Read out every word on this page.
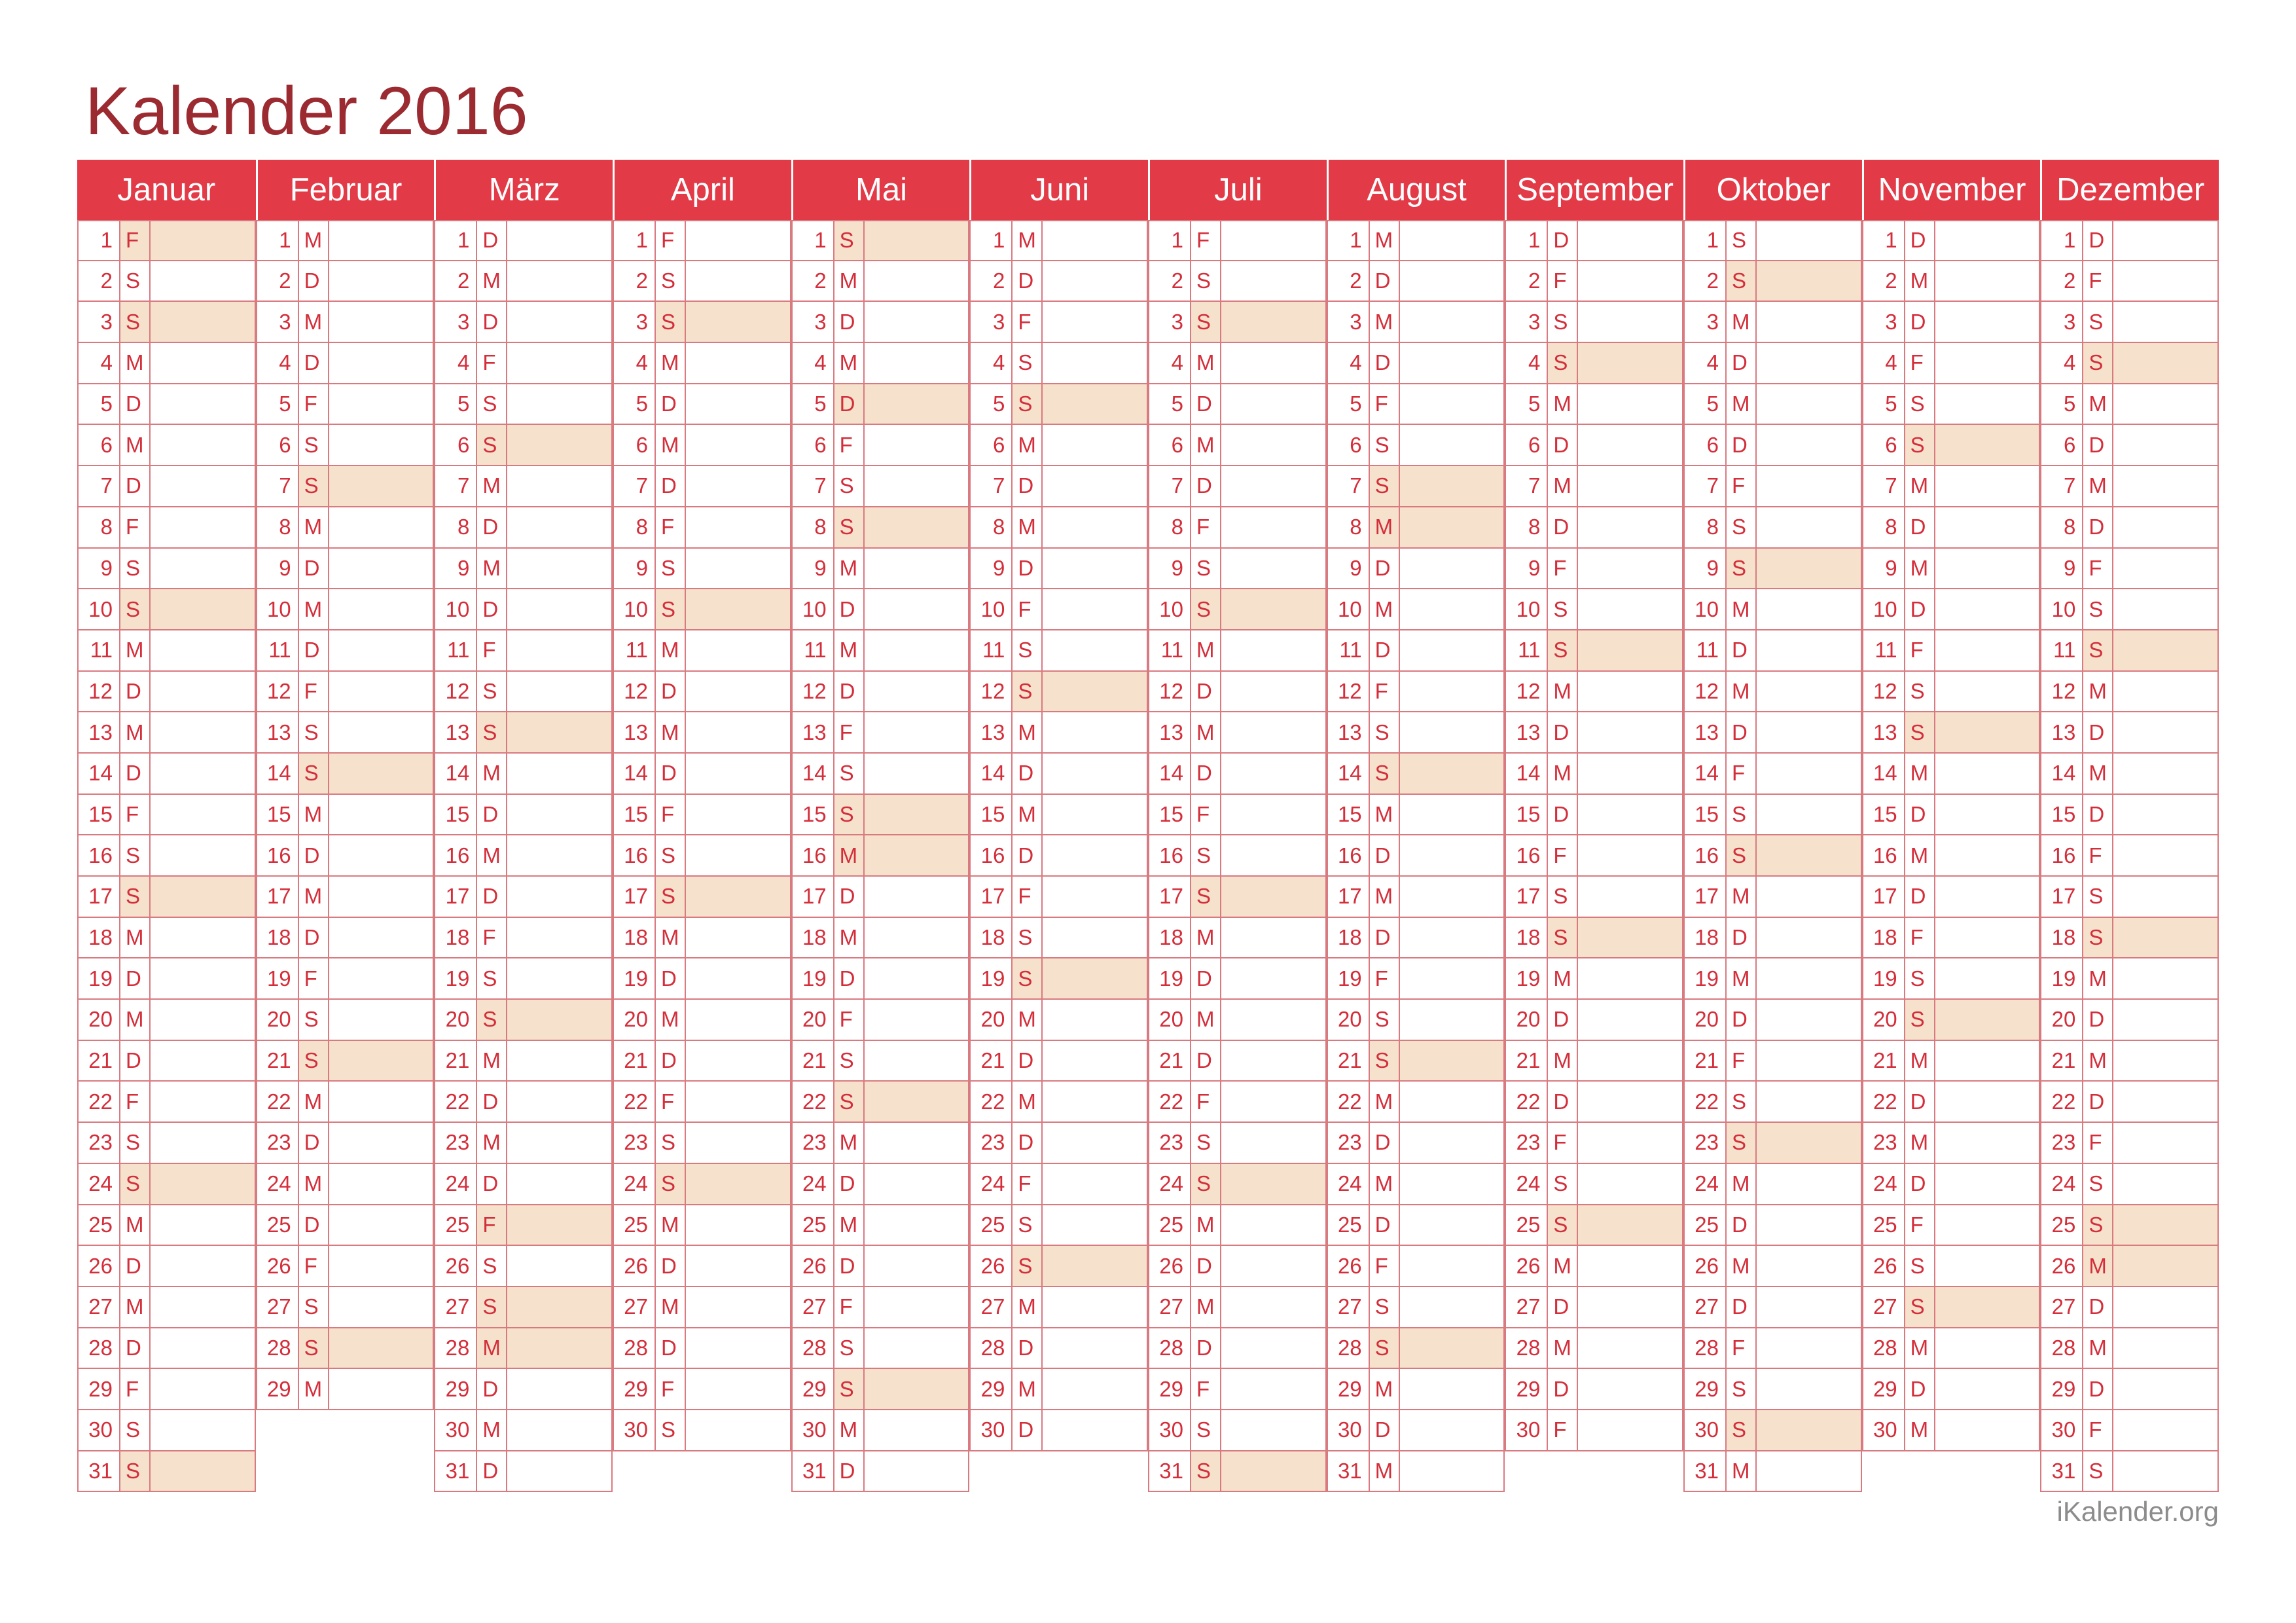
Kalender 2016
Januar
1 F
2 S
3 S
4 M
5 D
6 M
7 D
8 F
9 S
10 S
11 M
12 D
13 M
14 D
15 F
16 S
17 S
18 M
19 D
20 M
21 D
22 F
23 S
24 S
25 M
26 D
27 M
28 D
29 F
30 S
31 S
Februar
1 M
2 D
3 M
4 D
5 F
6 S
7 S
8 M
9 D
10 M
11 D
12 F
13 S
14 S
15 M
16 D
17 M
18 D
19 F
20 S
21 S
22 M
23 D
24 M
25 D
26 F
27 S
28 S
29 M
März
1 D
2 M
3 D
4 F
5 S
6 S
7 M
8 D
9 M
10 D
11 F
12 S
13 S
14 M
15 D
16 M
17 D
18 F
19 S
20 S
21 M
22 D
23 M
24 D
25 F
26 S
27 S
28 M
29 D
30 M
31 D
April
1 F
2 S
3 S
4 M
5 D
6 M
7 D
8 F
9 S
10 S
11 M
12 D
13 M
14 D
15 F
16 S
17 S
18 M
19 D
20 M
21 D
22 F
23 S
24 S
25 M
26 D
27 M
28 D
29 F
30 S
Mai
1 S
2 M
3 D
4 M
5 D
6 F
7 S
8 S
9 M
10 D
11 M
12 D
13 F
14 S
15 S
16 M
17 D
18 M
19 D
20 F
21 S
22 S
23 M
24 D
25 M
26 D
27 F
28 S
29 S
30 M
31 D
Juni
1 M
2 D
3 F
4 S
5 S
6 M
7 D
8 M
9 D
10 F
11 S
12 S
13 M
14 D
15 M
16 D
17 F
18 S
19 S
20 M
21 D
22 M
23 D
24 F
25 S
26 S
27 M
28 D
29 M
30 D
Juli
1 F
2 S
3 S
4 M
5 D
6 M
7 D
8 F
9 S
10 S
11 M
12 D
13 M
14 D
15 F
16 S
17 S
18 M
19 D
20 M
21 D
22 F
23 S
24 S
25 M
26 D
27 M
28 D
29 F
30 S
31 S
August
1 M
2 D
3 M
4 D
5 F
6 S
7 S
8 M
9 D
10 M
11 D
12 F
13 S
14 S
15 M
16 D
17 M
18 D
19 F
20 S
21 S
22 M
23 D
24 M
25 D
26 F
27 S
28 S
29 M
30 D
31 M
September
1 D
2 F
3 S
4 S
5 M
6 D
7 M
8 D
9 F
10 S
11 S
12 M
13 D
14 M
15 D
16 F
17 S
18 S
19 M
20 D
21 M
22 D
23 F
24 S
25 S
26 M
27 D
28 M
29 D
30 F
Oktober
1 S
2 S
3 M
4 D
5 M
6 D
7 F
8 S
9 S
10 M
11 D
12 M
13 D
14 F
15 S
16 S
17 M
18 D
19 M
20 D
21 F
22 S
23 S
24 M
25 D
26 M
27 D
28 F
29 S
30 S
31 M
November
1 D
2 M
3 D
4 F
5 S
6 S
7 M
8 D
9 M
10 D
11 F
12 S
13 S
14 M
15 D
16 M
17 D
18 F
19 S
20 S
21 M
22 D
23 M
24 D
25 F
26 S
27 S
28 M
29 D
30 M
Dezember
1 D
2 F
3 S
4 S
5 M
6 D
7 M
8 D
9 F
10 S
11 S
12 M
13 D
14 M
15 D
16 F
17 S
18 S
19 M
20 D
21 M
22 D
23 F
24 S
25 S
26 M
27 D
28 M
29 D
30 F
31 S
iKalender.org
